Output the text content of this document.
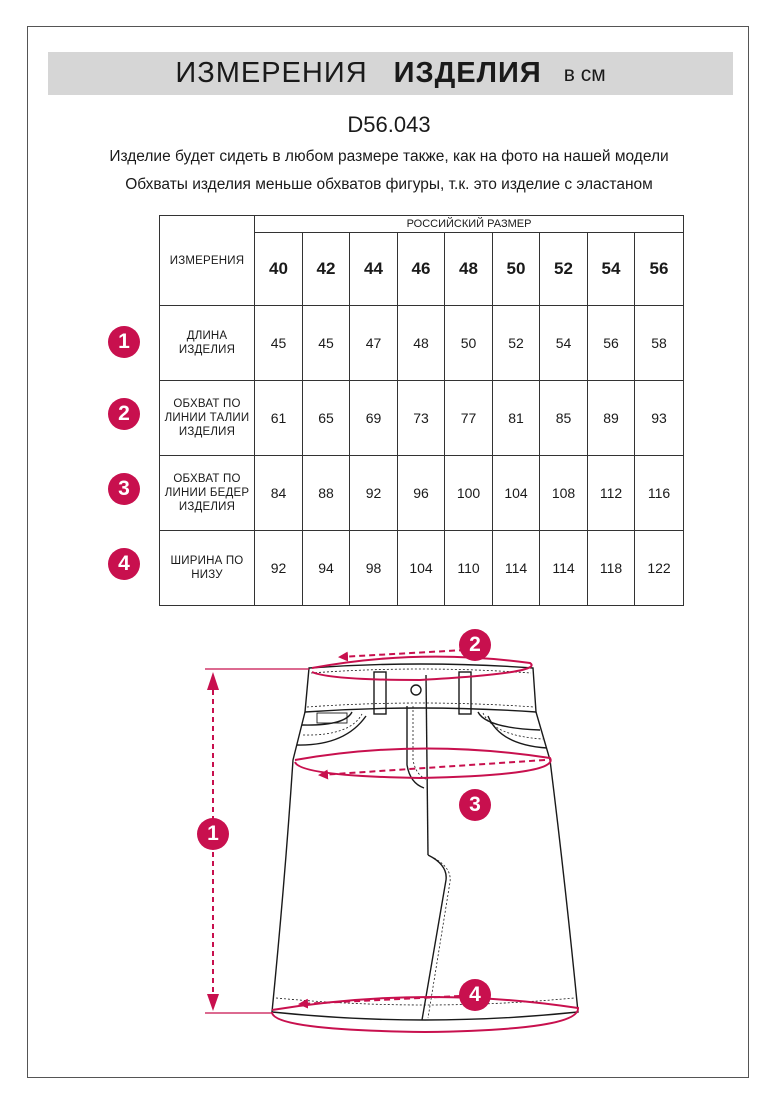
ИЗМЕРЕНИЯ ИЗДЕЛИЯ в см
D56.043
Изделие будет сидеть в любом размере также, как на фото на нашей модели
Обхваты изделия меньше обхватов фигуры, т.к. это изделие с эластаном
ИЗМЕРЕНИЯ	РОССИЙСКИЙ РАЗМЕР								
	40	42	44	46	48	50	52	54	56

ДЛИНА
ИЗДЕЛИЯ	45	45	47	48	50	52	54	56	58

ОБХВАТ ПО
ЛИНИИ ТАЛИИ
ИЗДЕЛИЯ	61	65	69	73	77	81	85	89	93

ОБХВАТ ПО
ЛИНИИ БЕДЕР
ИЗДЕЛИЯ	84	88	92	96	100	104	108	112	116

ШИРИНА ПО
НИЗУ	92	94	98	104	110	114	114	118	122
1
2
3
4
1
2
3
4
